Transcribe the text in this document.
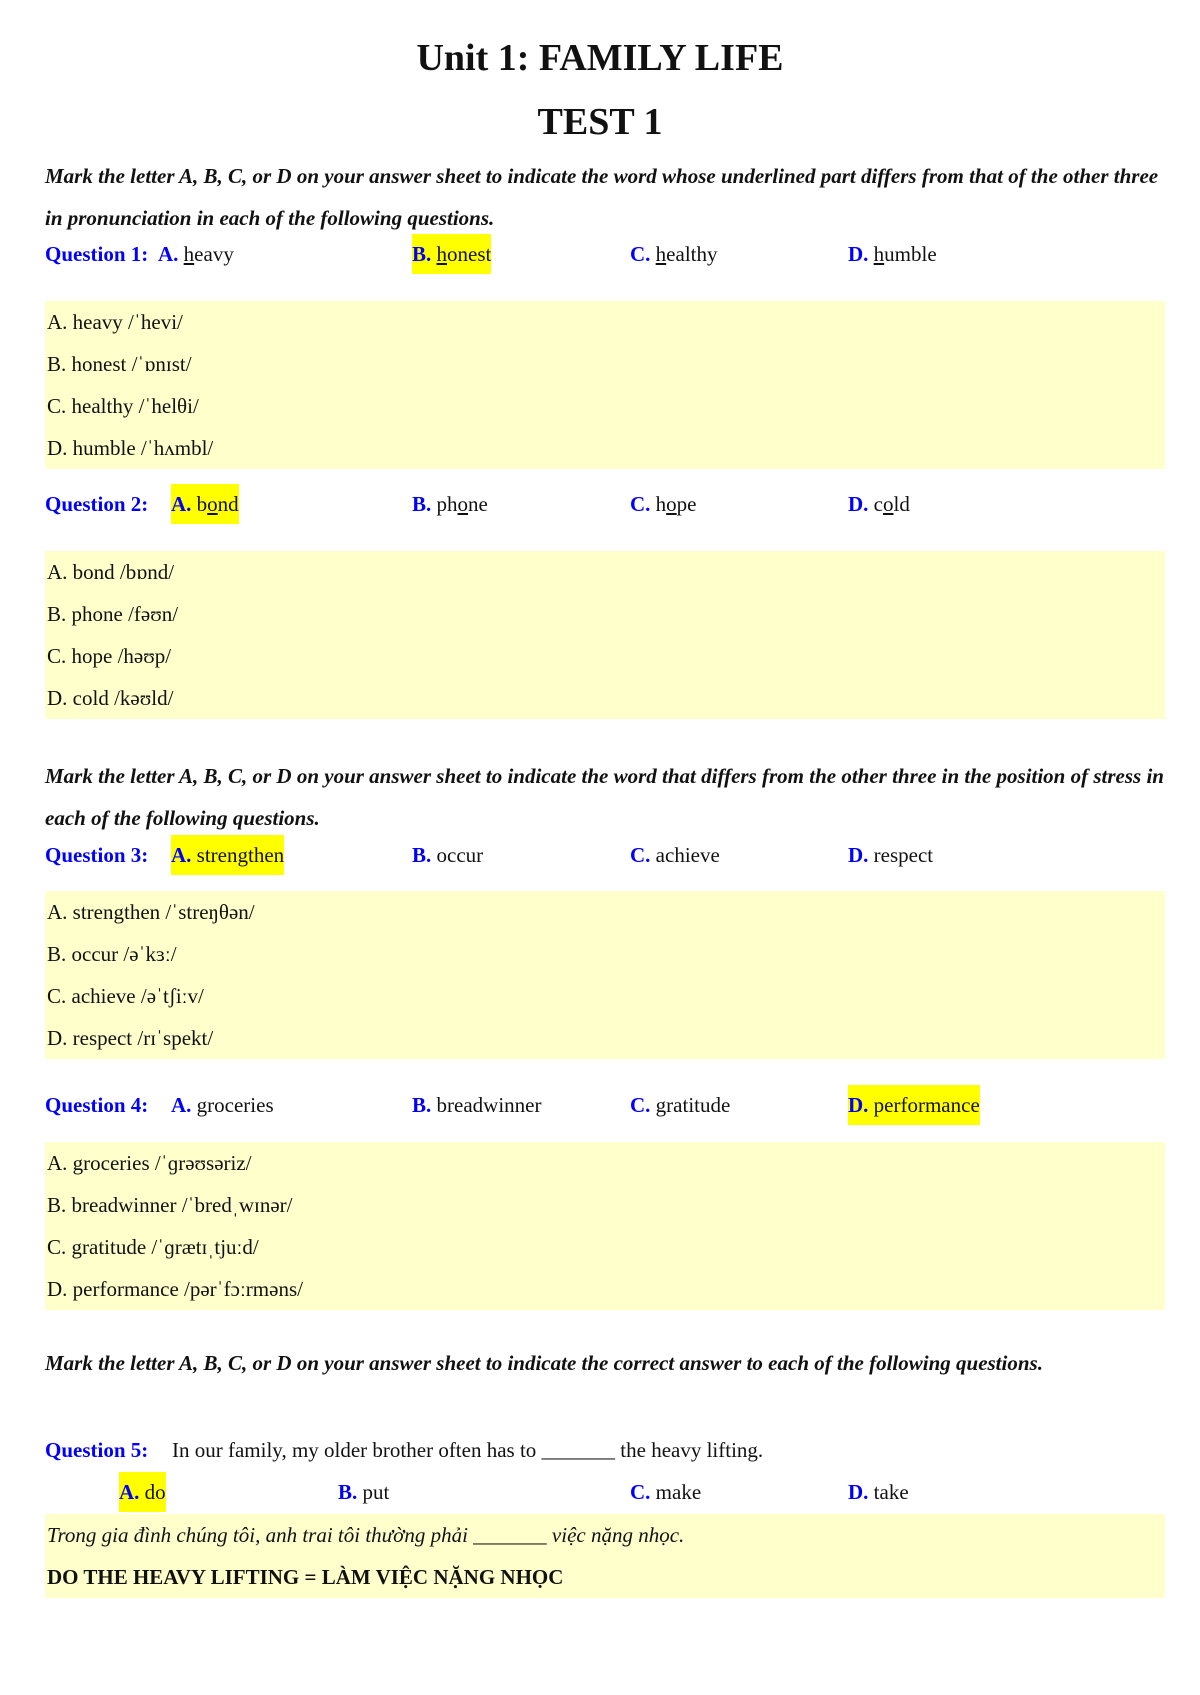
Unit 1: FAMILY LIFE
TEST 1
Mark the letter A, B, C, or D on your answer sheet to indicate the word whose underlined part differs from that of the other three in pronunciation in each of the following questions.
Question 1: A. heavy	B. honest	C. healthy	D. humble
A. heavy /ˈhevi/
B. honest /ˈɒnɪst/
C. healthy /ˈhelθi/
D. humble /ˈhʌmbl/
Question 2: A. bond	B. phone	C. hope	D. cold
A. bond /bɒnd/
B. phone /fəʊn/
C. hope /həʊp/
D. cold /kəʊld/
Mark the letter A, B, C, or D on your answer sheet to indicate the word that differs from the other three in the position of stress in each of the following questions.
Question 3: A. strengthen	B. occur	C. achieve	D. respect
A. strengthen /ˈstreŋθən/
B. occur /əˈkɜː/
C. achieve /əˈtʃiːv/
D. respect /rɪˈspekt/
Question 4: A. groceries	B. breadwinner	C. gratitude	D. performance
A. groceries /ˈɡrəʊsəriz/
B. breadwinner /ˈbredˌwɪnər/
C. gratitude /ˈɡrætɪˌtjuːd/
D. performance /pərˈfɔːrməns/
Mark the letter A, B, C, or D on your answer sheet to indicate the correct answer to each of the following questions.
Question 5: In our family, my older brother often has to _______ the heavy lifting.
A. do	B. put	C. make	D. take
Trong gia đình chúng tôi, anh trai tôi thường phải _______ việc nặng nhọc.
DO THE HEAVY LIFTING = LÀM VIỆC NẶNG NHỌC
